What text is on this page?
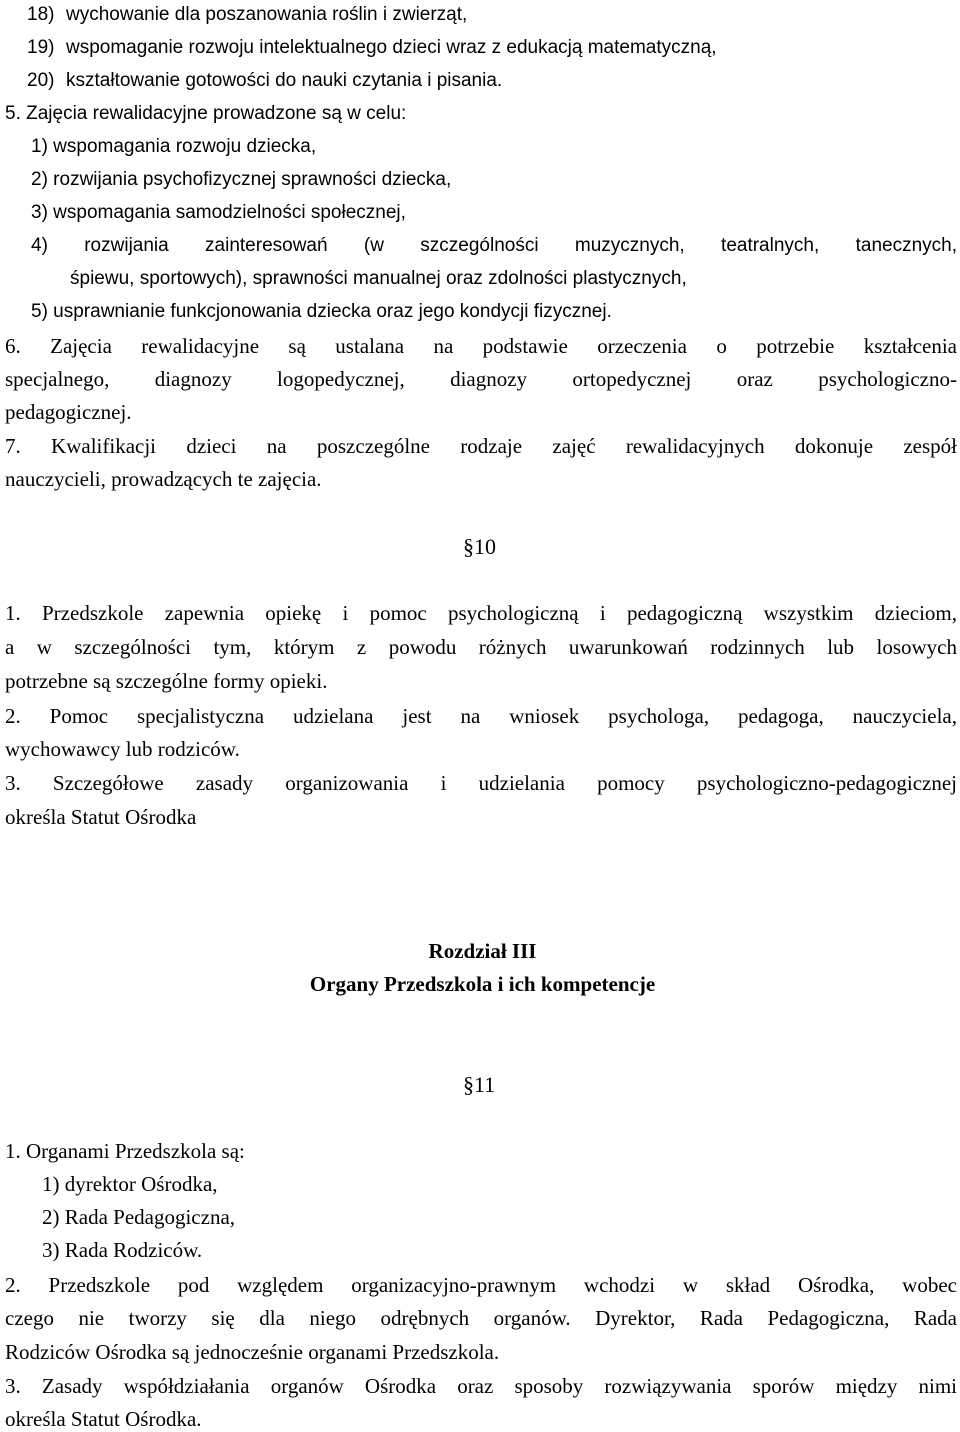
18) wychowanie dla poszanowania roślin i zwierząt,
19) wspomaganie rozwoju intelektualnego dzieci wraz z edukacją matematyczną,
20) kształtowanie gotowości do nauki czytania i pisania.
5. Zajęcia rewalidacyjne prowadzone są w celu:
1) wspomagania rozwoju dziecka,
2) rozwijania psychofizycznej sprawności dziecka,
3) wspomagania samodzielności społecznej,
4) rozwijania zainteresowań (w szczególności muzycznych, teatralnych, tanecznych,
śpiewu, sportowych), sprawności manualnej oraz zdolności plastycznych,
5) usprawnianie funkcjonowania dziecka oraz jego kondycji fizycznej.
6. Zajęcia rewalidacyjne są ustalana na podstawie orzeczenia o potrzebie kształcenia
specjalnego, diagnozy logopedycznej, diagnozy ortopedycznej oraz psychologiczno-
pedagogicznej.
7. Kwalifikacji dzieci na poszczególne rodzaje zajęć rewalidacyjnych dokonuje zespół
nauczycieli, prowadzących te zajęcia.
§10
1. Przedszkole zapewnia opiekę i pomoc psychologiczną i pedagogiczną wszystkim dzieciom,
a w szczególności tym, którym z powodu różnych uwarunkowań rodzinnych lub losowych
potrzebne są szczególne formy opieki.
2. Pomoc specjalistyczna udzielana jest na wniosek psychologa, pedagoga, nauczyciela,
wychowawcy lub rodziców.
3. Szczegółowe zasady organizowania i udzielania pomocy psychologiczno-pedagogicznej
określa Statut Ośrodka
Rozdział III
Organy Przedszkola i ich kompetencje
§11
1. Organami Przedszkola są:
1) dyrektor Ośrodka,
2) Rada Pedagogiczna,
3) Rada Rodziców.
2. Przedszkole pod względem organizacyjno-prawnym wchodzi w skład Ośrodka, wobec
czego nie tworzy się dla niego odrębnych organów. Dyrektor, Rada Pedagogiczna, Rada
Rodziców Ośrodka są jednocześnie organami Przedszkola.
3. Zasady współdziałania organów Ośrodka oraz sposoby rozwiązywania sporów między nimi
określa Statut Ośrodka.
